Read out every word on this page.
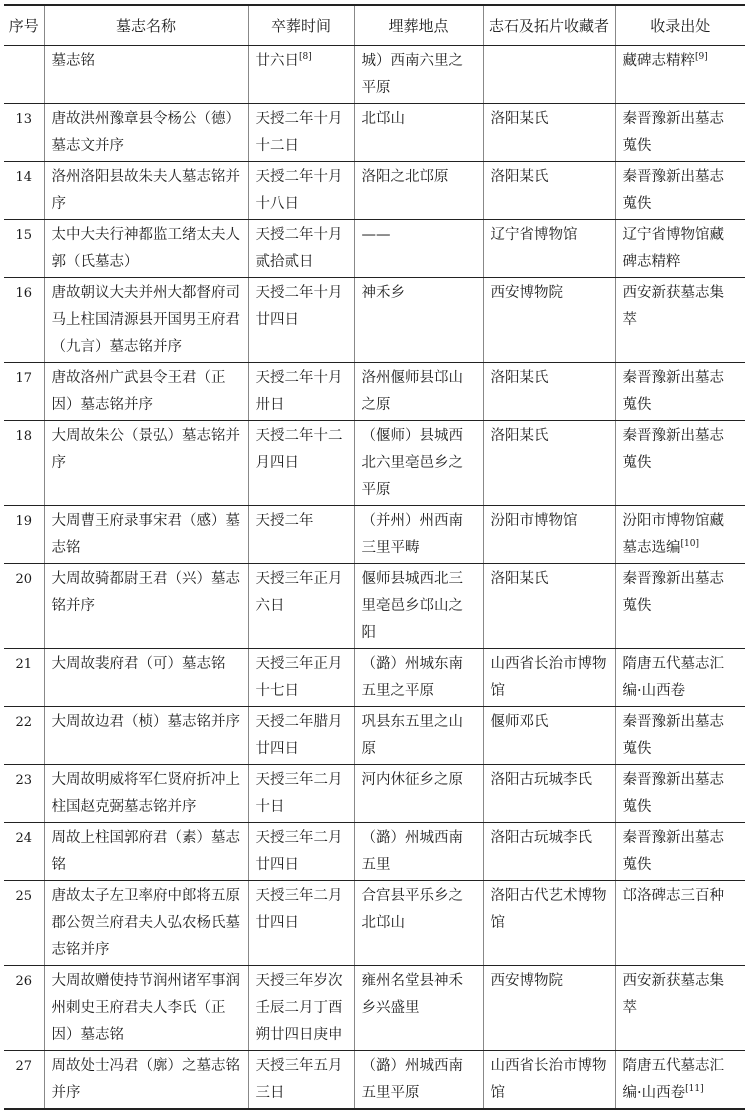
序号	墓志名称	卒葬时间	埋葬地点	志石及拓片收藏者	收录出处
	墓志铭	廿六日[8]	城）西南六里之平原		藏碑志精粹[9]
13	唐故洪州豫章县令杨公（德）墓志文并序	天授二年十月十二日	北邙山	洛阳某氏	秦晋豫新出墓志蒐佚
14	洛州洛阳县故朱夫人墓志铭并序	天授二年十月十八日	洛阳之北邙原	洛阳某氏	秦晋豫新出墓志蒐佚
15	太中大夫行神都监工绪太夫人郭（氏墓志）	天授二年十月贰拾贰日	——	辽宁省博物馆	辽宁省博物馆藏碑志精粹
16	唐故朝议大夫并州大都督府司马上柱国清源县开国男王府君（九言）墓志铭并序	天授二年十月廿四日	神禾乡	西安博物院	西安新获墓志集萃
17	唐故洛州广武县令王君（正因）墓志铭并序	天授二年十月卅日	洛州偃师县邙山之原	洛阳某氏	秦晋豫新出墓志蒐佚
18	大周故朱公（景弘）墓志铭并序	天授二年十二月四日	（偃师）县城西北六里亳邑乡之平原	洛阳某氏	秦晋豫新出墓志蒐佚
19	大周曹王府录事宋君（感）墓志铭	天授二年	（并州）州西南三里平畴	汾阳市博物馆	汾阳市博物馆藏墓志选编[10]
20	大周故骑都尉王君（兴）墓志铭并序	天授三年正月六日	偃师县城西北三里亳邑乡邙山之阳	洛阳某氏	秦晋豫新出墓志蒐佚
21	大周故裴府君（可）墓志铭	天授三年正月十七日	（潞）州城东南五里之平原	山西省长治市博物馆	隋唐五代墓志汇编·山西卷
22	大周故边君（桢）墓志铭并序	天授二年腊月廿四日	巩县东五里之山原	偃师邓氏	秦晋豫新出墓志蒐佚
23	大周故明威将军仁贤府折冲上柱国赵克弼墓志铭并序	天授三年二月十日	河内休征乡之原	洛阳古玩城李氏	秦晋豫新出墓志蒐佚
24	周故上柱国郭府君（素）墓志铭	天授三年二月廿四日	（潞）州城西南五里	洛阳古玩城李氏	秦晋豫新出墓志蒐佚
25	唐故太子左卫率府中郎将五原郡公贺兰府君夫人弘农杨氏墓志铭并序	天授三年二月廿四日	合宫县平乐乡之北邙山	洛阳古代艺术博物馆	邙洛碑志三百种
26	大周故赠使持节润州诸军事润州刺史王府君夫人李氏（正因）墓志铭	天授三年岁次壬辰二月丁酉朔廿四日庚申	雍州名堂县神禾乡兴盛里	西安博物院	西安新获墓志集萃
27	周故处士冯君（廓）之墓志铭并序	天授三年五月三日	（潞）州城西南五里平原	山西省长治市博物馆	隋唐五代墓志汇编·山西卷[11]
